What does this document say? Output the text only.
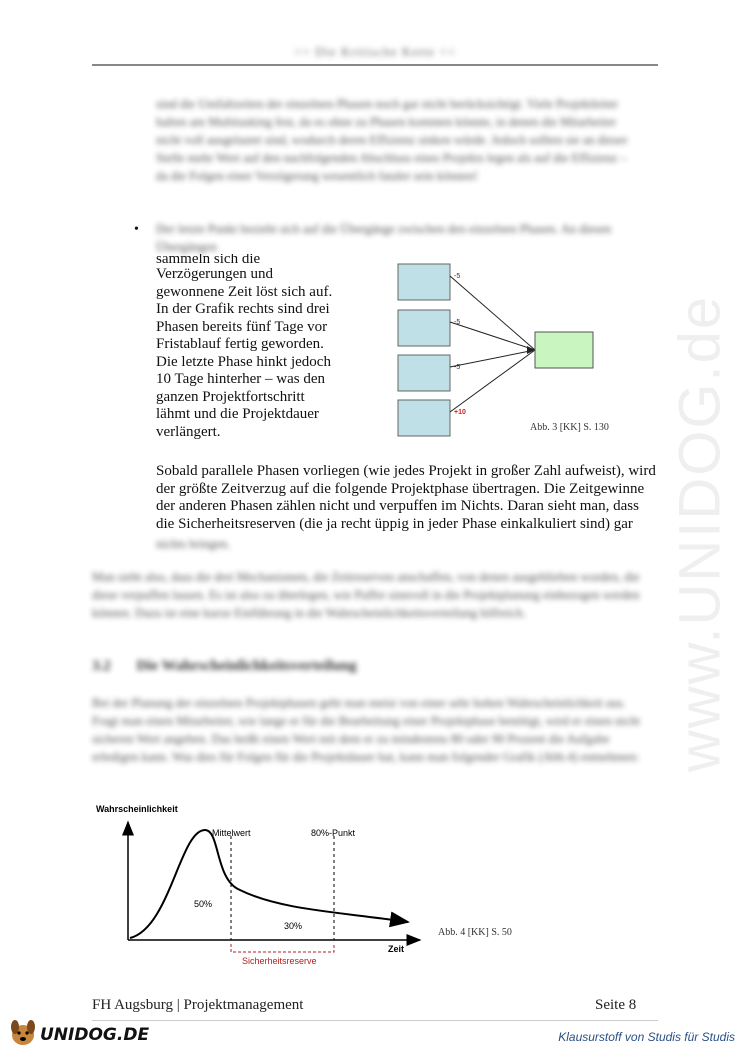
www.UNIDOG.de
>> Die Kritische Kette <<
sind die Umfaltzeiten der einzelnen Phasen noch gar nicht berücksichtigt. Viele Projektleiter halten am Multitasking fest, da es ohne zu Phasen kommen könnte, in denen die Mitarbeiter nicht voll ausgelastet sind, wodurch deren Effizienz sinken würde. Jedoch sollten sie an dieser Stelle mehr Wert auf den nachfolgenden Abschluss eines Projekts legen als auf die Effizienz – da die Folgen einer Verzögerung wesentlich fataler sein können!
• Der letzte Punkt bezieht sich auf die Übergänge zwischen den einzelnen Phasen. An diesen Übergängen
sammeln sich die
Verzögerungen und
gewonnene Zeit löst sich auf.
In der Grafik rechts sind drei
Phasen bereits fünf Tage vor
Fristablauf fertig geworden.
Die letzte Phase hinkt jedoch
10 Tage hinterher – was den
ganzen Projektfortschritt
lähmt und die Projektdauer
verlängert.
-5
-5
-5
+10
Abb. 3 [KK] S. 130
Sobald parallele Phasen vorliegen (wie jedes Projekt in großer Zahl aufweist), wird
der größte Zeitverzug auf die folgende Projektphase übertragen. Die Zeitgewinne
der anderen Phasen zählen nicht und verpuffen im Nichts. Daran sieht man, dass
die Sicherheitsreserven (die ja recht üppig in jeder Phase einkalkuliert sind) gar
nichts bringen.
Man sieht also, dass die drei Mechanismen, die Zeitreserven anschaffen, von denen ausgeblieben worden, die diese verpuffen lassen. Es ist also zu überlegen, wie Puffer sinnvoll in die Projektplanung einbezogen werden können. Dazu ist eine kurze Einführung in die Wahrscheinlichkeitsverteilung hilfreich.
3.2 Die Wahrscheinlichkeitsverteilung
Bei der Planung der einzelnen Projektphasen geht man meist von einer sehr hohen Wahrscheinlichkeit aus. Fragt man einen Mitarbeiter, wie lange er für die Bearbeitung einer Projektphase benötigt, wird er einen nicht sicheren Wert angeben. Das heißt einen Wert mit dem er zu mindestens 80 oder 90 Prozent die Aufgabe erledigen kann. Was dies für Folgen für die Projektdauer hat, kann man folgender Grafik (Abb.4) entnehmen:
Wahrscheinlichkeit
Mittelwert	80%-Punkt
50%
30%
Zeit
Sicherheitsreserve
Abb. 4 [KK] S. 50
FH Augsburg | Projektmanagement	Seite 8
UNIDOG.DE	Klausurstoff von Studis für Studis
